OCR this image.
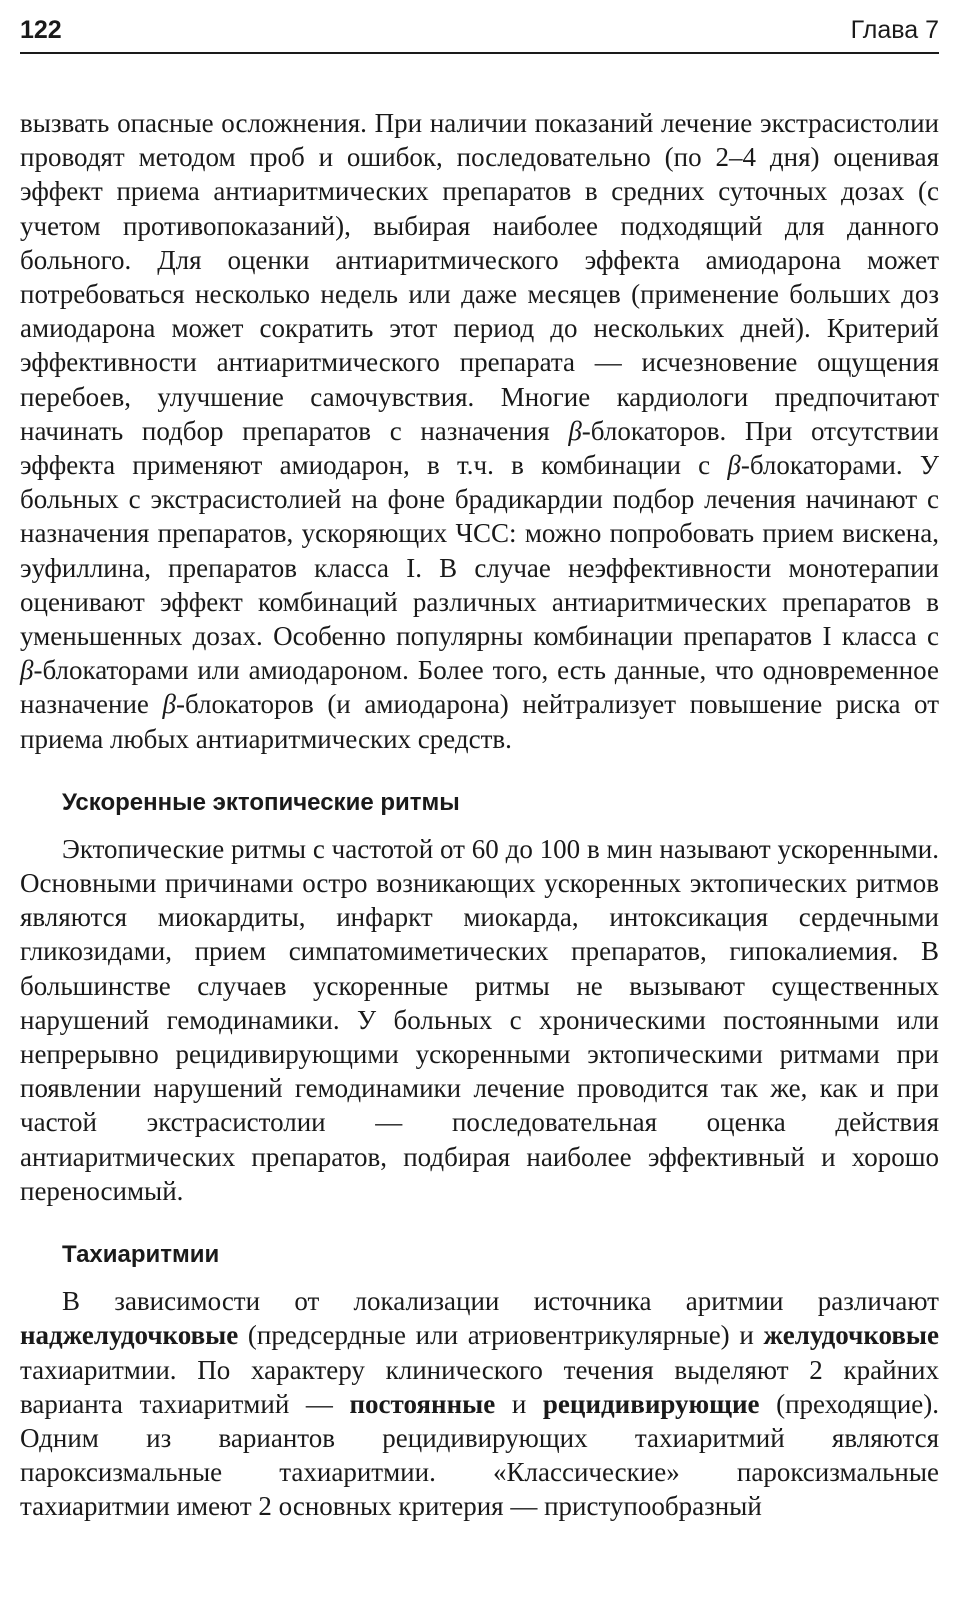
122	Глава 7

вызвать опасные осложнения. При наличии показаний лечение экстрасистолии проводят методом проб и ошибок, последовательно (по 2–4 дня) оценивая эффект приема антиаритмических препаратов в средних суточных дозах (с учетом противопоказаний), выбирая наиболее подходящий для данного больного. Для оценки антиаритмического эффекта амиодарона может потребоваться несколько недель или даже месяцев (применение больших доз амиодарона может сократить этот период до нескольких дней). Критерий эффективности антиаритмического препарата — исчезновение ощущения перебоев, улучшение самочувствия. Многие кардиологи предпочитают начинать подбор препаратов с назначения β-блокаторов. При отсутствии эффекта применяют амиодарон, в т.ч. в комбинации с β-блокаторами. У больных с экстрасистолией на фоне брадикардии подбор лечения начинают с назначения препаратов, ускоряющих ЧСС: можно попробовать прием вискена, эуфиллина, препаратов класса I. В случае неэффективности монотерапии оценивают эффект комбинаций различных антиаритмических препаратов в уменьшенных дозах. Особенно популярны комбинации препаратов I класса с β-блокаторами или амиодароном. Более того, есть данные, что одновременное назначение β-блокаторов (и амиодарона) нейтрализует повышение риска от приема любых антиаритмических средств.

Ускоренные эктопические ритмы

Эктопические ритмы с частотой от 60 до 100 в мин называют ускоренными. Основными причинами остро возникающих ускоренных эктопических ритмов являются миокардиты, инфаркт миокарда, интоксикация сердечными гликозидами, прием симпатомиметических препаратов, гипокалиемия. В большинстве случаев ускоренные ритмы не вызывают существенных нарушений гемодинамики. У больных с хроническими постоянными или непрерывно рецидивирующими ускоренными эктопическими ритмами при появлении нарушений гемодинамики лечение проводится так же, как и при частой экстрасистолии — последовательная оценка действия антиаритмических препаратов, подбирая наиболее эффективный и хорошо переносимый.

Тахиаритмии

В зависимости от локализации источника аритмии различают наджелудочковые (предсердные или атриовентрикулярные) и желудочковые тахиаритмии. По характеру клинического течения выделяют 2 крайних варианта тахиаритмий — постоянные и рецидивирующие (преходящие). Одним из вариантов рецидивирующих тахиаритмий являются пароксизмальные тахиаритмии. «Классические» пароксизмальные тахиаритмии имеют 2 основных критерия — приступообразный
